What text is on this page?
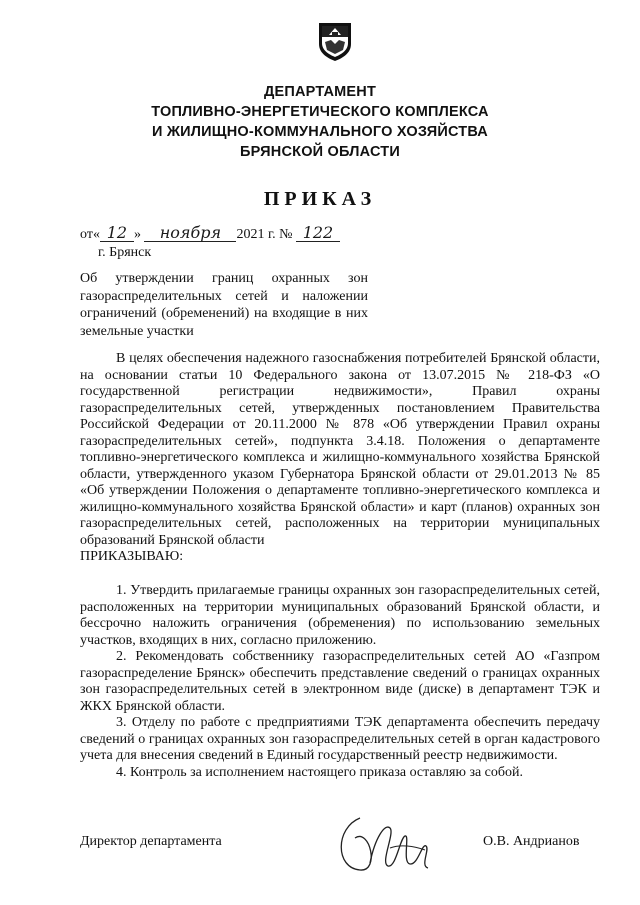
ДЕПАРТАМЕНТ
ТОПЛИВНО-ЭНЕРГЕТИЧЕСКОГО КОМПЛЕКСА
И ЖИЛИЩНО-КОММУНАЛЬНОГО ХОЗЯЙСТВА
БРЯНСКОЙ ОБЛАСТИ
ПРИКАЗ
от« 12 » ноября 2021 г. № 122
г. Брянск
Об утверждении границ охранных зон газораспределительных сетей и наложении ограничений (обременений) на входящие в них земельные участки

В целях обеспечения надежного газоснабжения потребителей Брянской области, на основании статьи 10 Федерального закона от 13.07.2015 № 218-ФЗ «О государственной регистрации недвижимости», Правил охраны газораспределительных сетей, утвержденных постановлением Правительства Российской Федерации от 20.11.2000 № 878 «Об утверждении Правил охраны газораспределительных сетей», подпункта 3.4.18. Положения о департаменте топливно-энергетического комплекса и жилищно-коммунального хозяйства Брянской области, утвержденного указом Губернатора Брянской области от 29.01.2013 № 85 «Об утверждении Положения о департаменте топливно-энергетического комплекса и жилищно-коммунального хозяйства Брянской области» и карт (планов) охранных зон газораспределительных сетей, расположенных на территории муниципальных образований Брянской области

ПРИКАЗЫВАЮ:

1. Утвердить прилагаемые границы охранных зон газораспределительных сетей, расположенных на территории муниципальных образований Брянской области, и бессрочно наложить ограничения (обременения) по использованию земельных участков, входящих в них, согласно приложению.

2. Рекомендовать собственнику газораспределительных сетей АО «Газпром газораспределение Брянск» обеспечить представление сведений о границах охранных зон газораспределительных сетей в электронном виде (диске) в департамент ТЭК и ЖКХ Брянской области.

3. Отделу по работе с предприятиями ТЭК департамента обеспечить передачу сведений о границах охранных зон газораспределительных сетей в орган кадастрового учета для внесения сведений в Единый государственный реестр недвижимости.

4. Контроль за исполнением настоящего приказа оставляю за собой.

Директор департамента	О.В. Андрианов
